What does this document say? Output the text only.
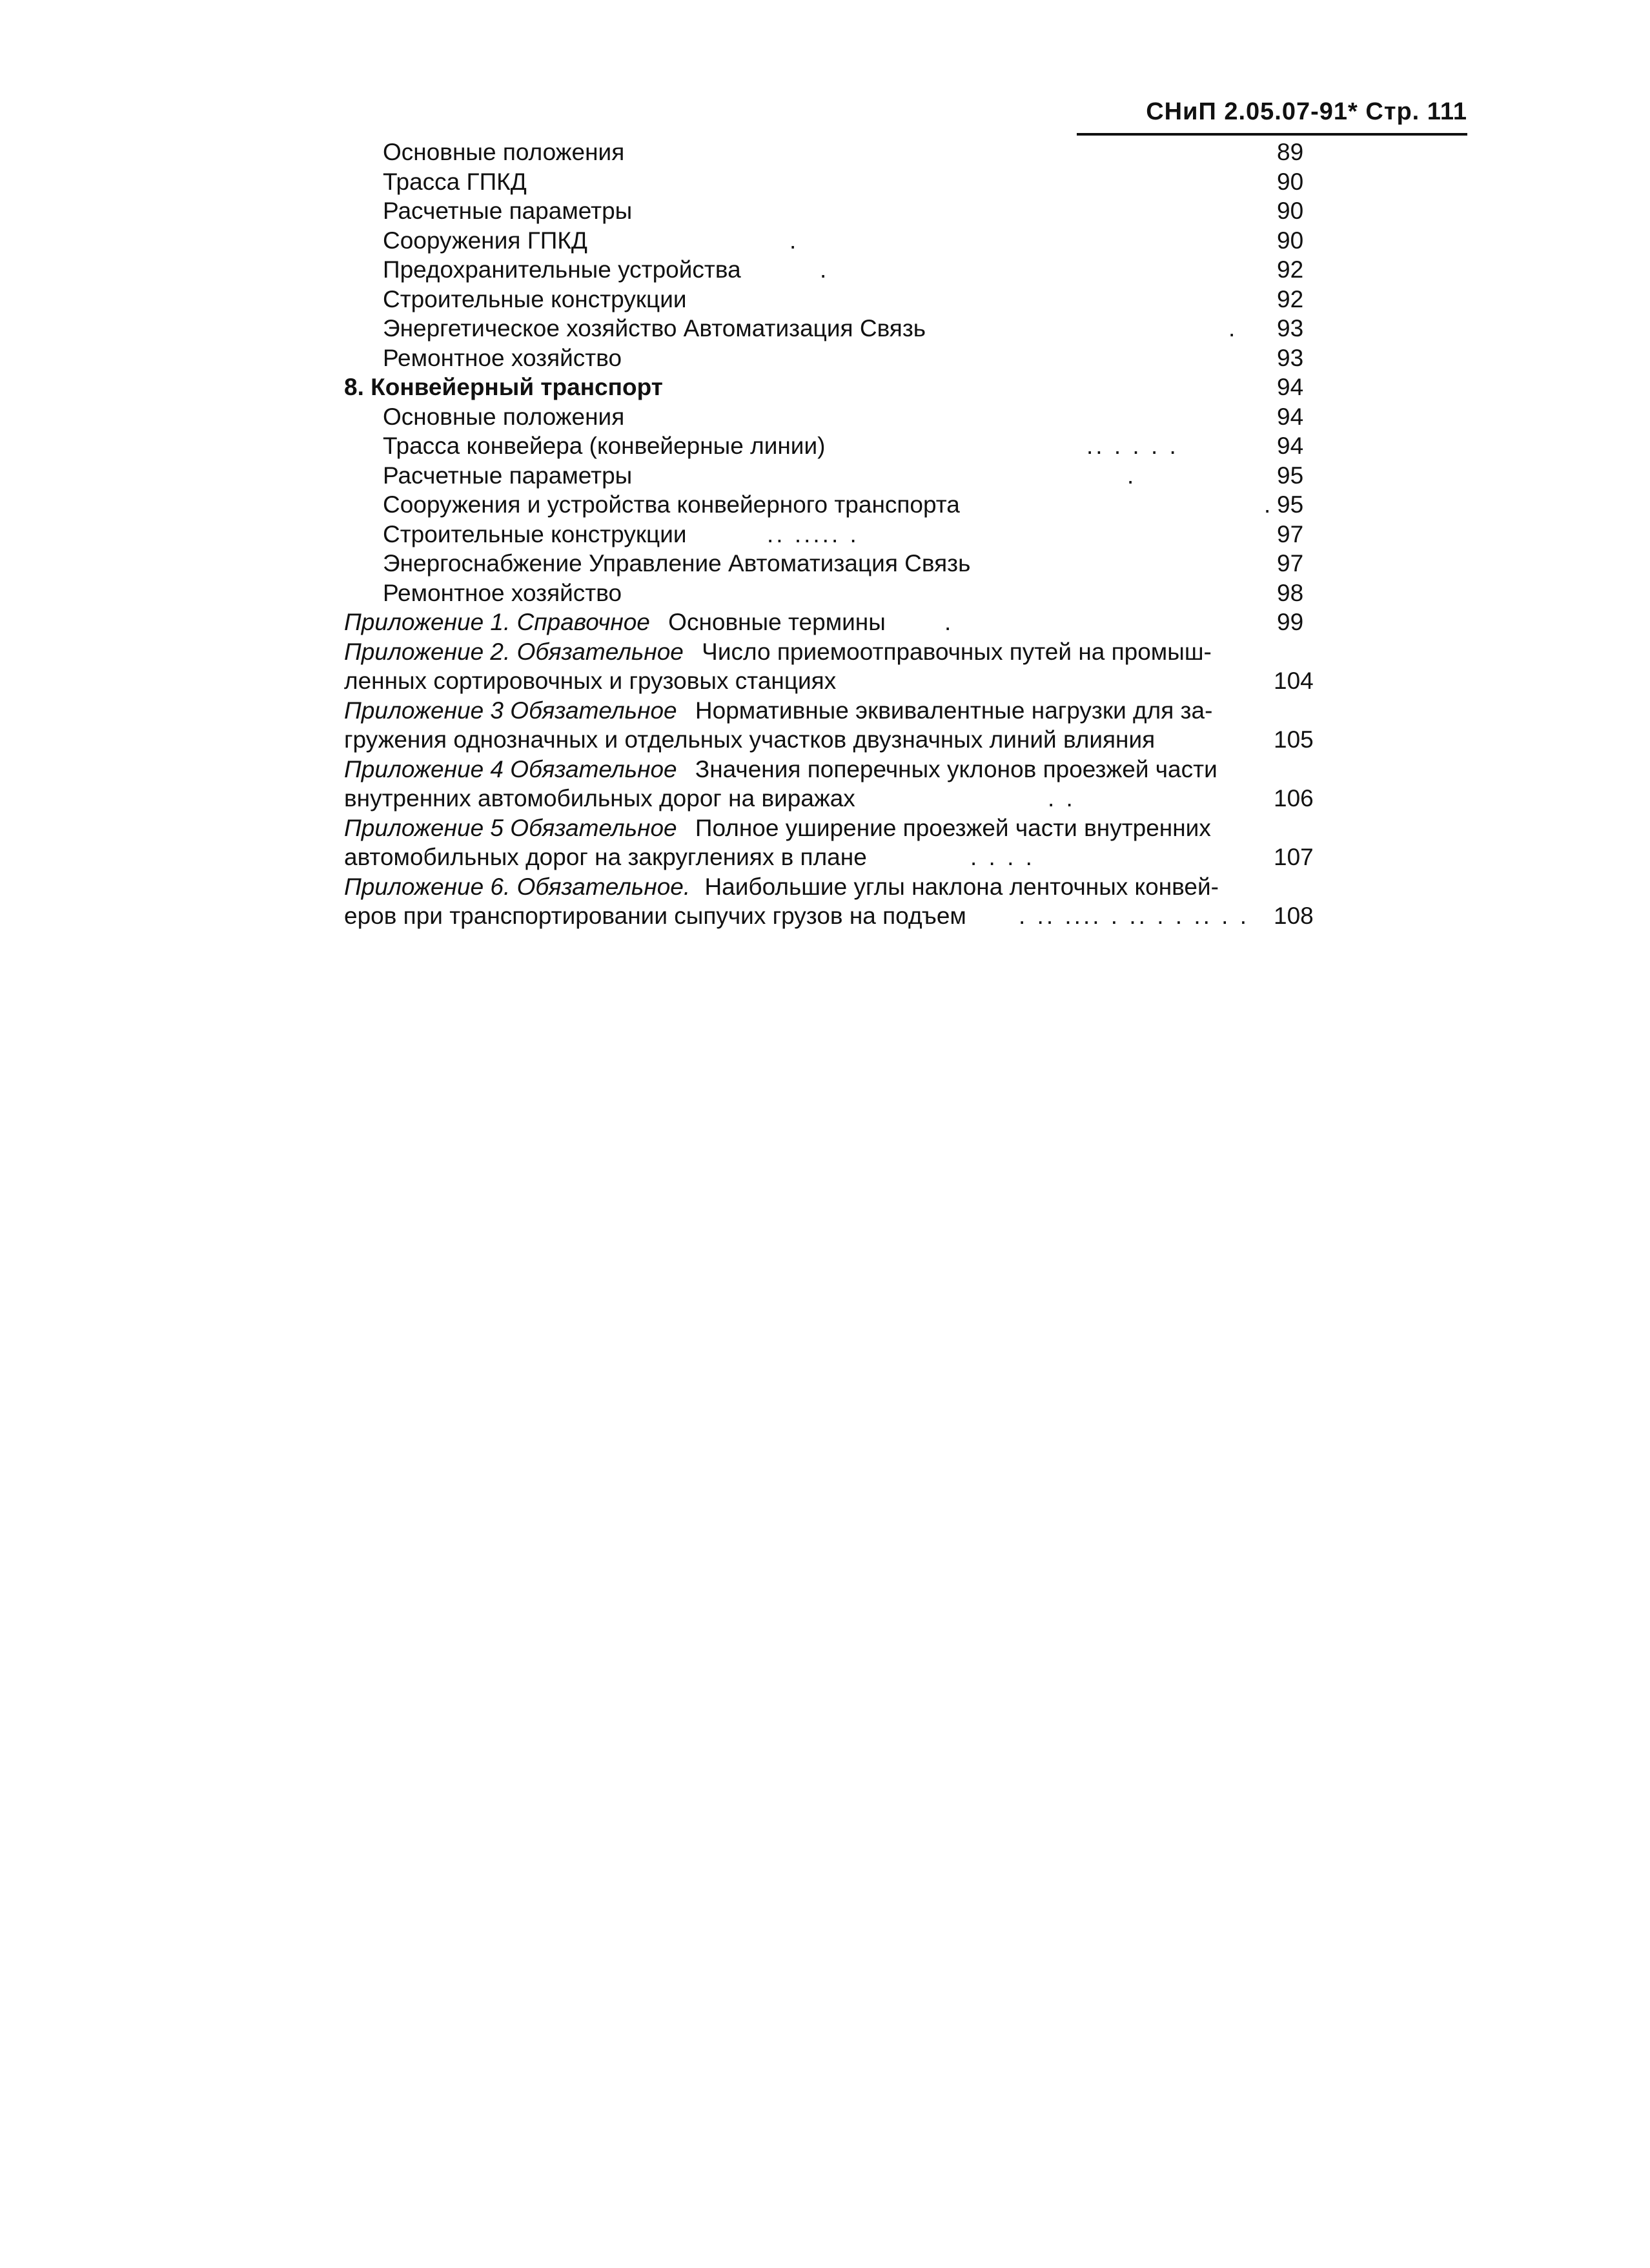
СНиП 2.05.07-91* Стр. 111
Основные положения	89
Трасса ГПКД	90
Расчетные параметры	90
Сооружения ГПКД	.	90
Предохранительные устройства	.	92
Строительные конструкции	92
Энергетическое хозяйство Автоматизация Связь	. 93
Ремонтное хозяйство	93
8. Конвейерный транспорт	94
Основные положения	94
Трасса конвейера (конвейерные линии)	.. . . . .	94
Расчетные параметры	.	95
Сооружения и устройства конвейерного транспорта	. 95
Строительные конструкции	.. ..... .	97
Энергоснабжение Управление Автоматизация Связь	97
Ремонтное хозяйство	98
Приложение 1. Справочное Основные термины .	99
Приложение 2. Обязательное Число приемоотправочных путей на промыш-
ленных сортировочных и грузовых станциях	104
Приложение 3 Обязательное Нормативные эквивалентные нагрузки для за-
гружения однозначных и отдельных участков двузначных линий влияния	105
Приложение 4 Обязательное Значения поперечных уклонов проезжей части
внутренних автомобильных дорог на виражах	. .	106
Приложение 5 Обязательное Полное уширение проезжей части внутренних
автомобильных дорог на закруглениях в плане	. . . .	107
Приложение 6. Обязательное. Наибольшие углы наклона ленточных конвей-
еров при транспортировании сыпучих грузов на подъем . .. .... . .. . . .. . . 108
